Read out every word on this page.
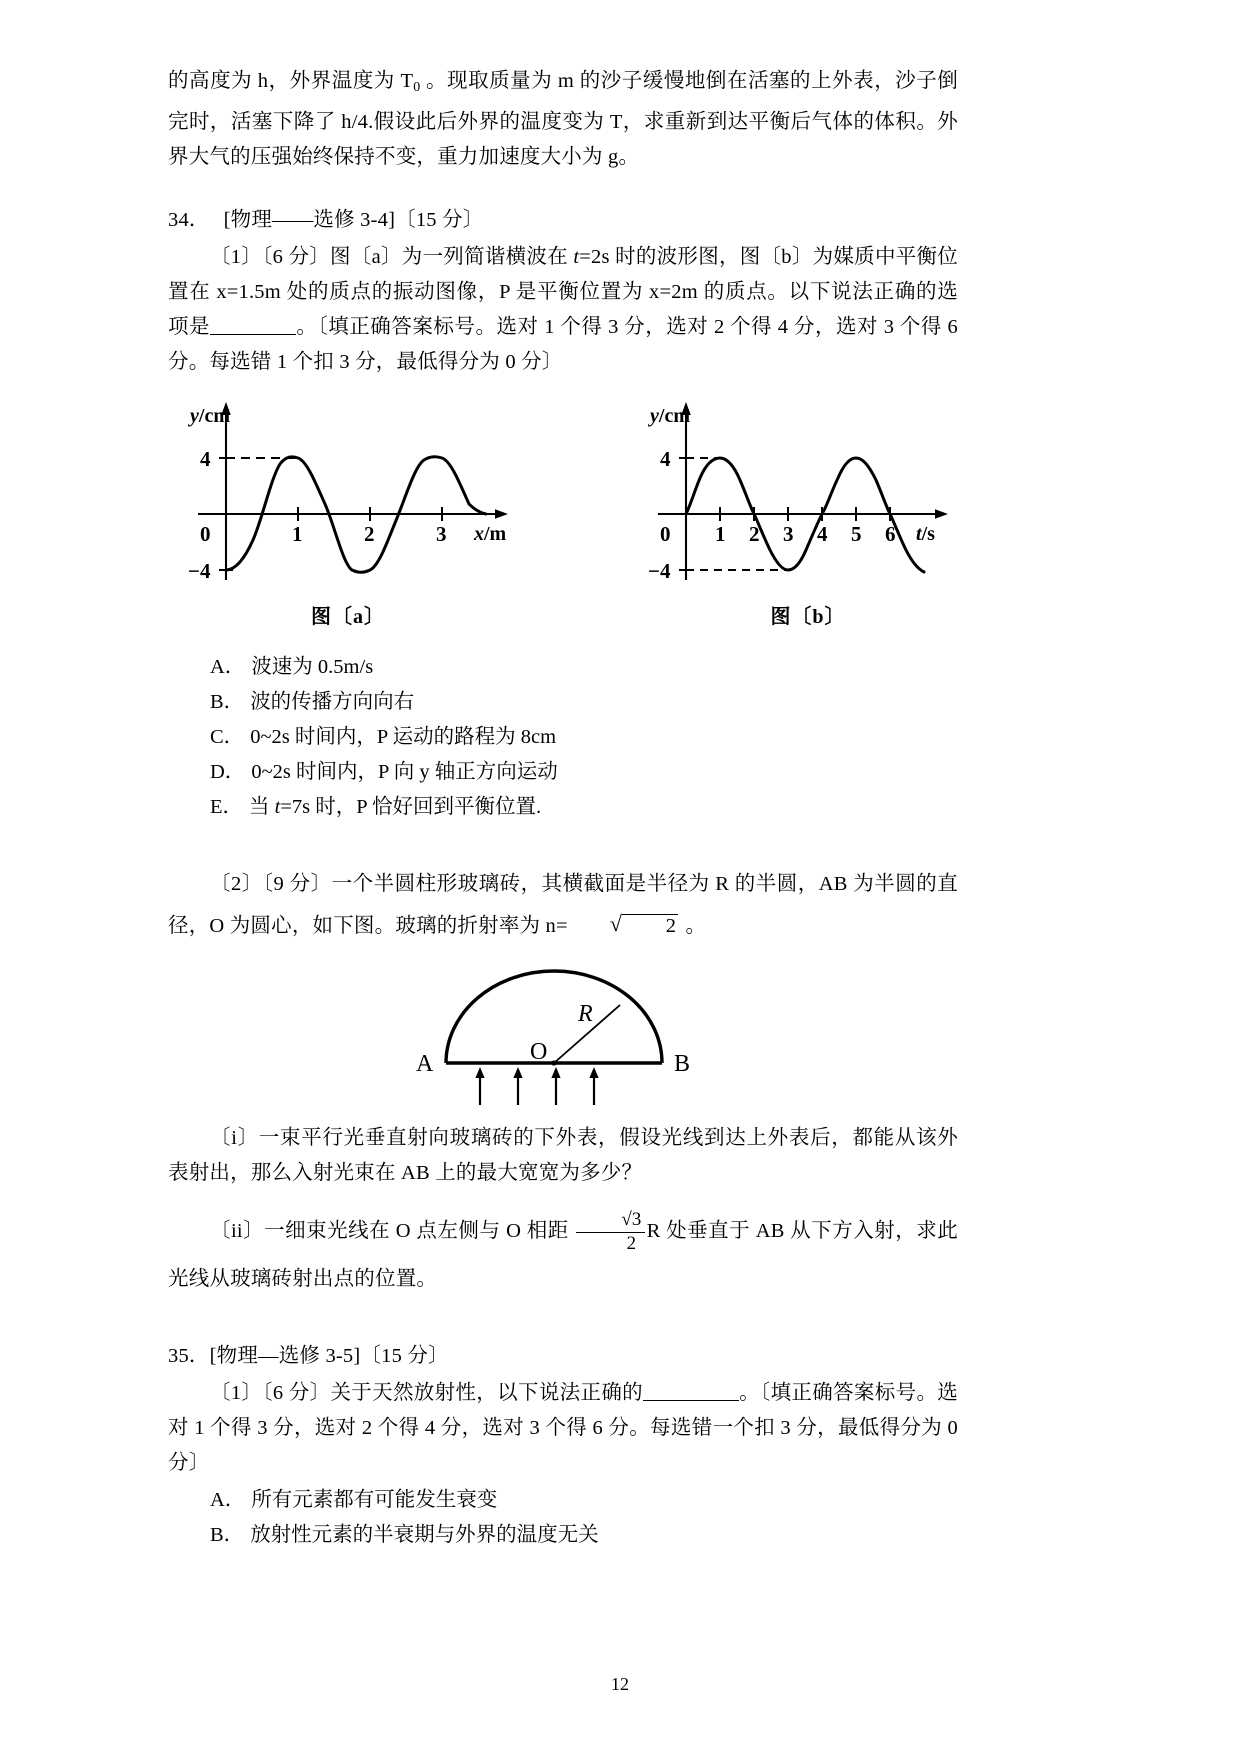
的高度为 h，外界温度为 $T_0$ 。现取质量为 m 的沙子缓慢地倒在活塞的上外表，沙子倒完时，活塞下降了 h/4.假设此后外界的温度变为 T，求重新到达平衡后气体的体积。外界大气的压强始终保持不变，重力加速度大小为 g。

34． [物理——选修 3-4]〔15 分〕

〔1〕〔6 分〕图〔a〕为一列简谐横波在 t=2s 时的波形图，图〔b〕为媒质中平衡位置在 x=1.5m 处的质点的振动图像，P 是平衡位置为 x=2m 的质点。以下说法正确的选项是	。〔填正确答案标号。选对 1 个得 3 分，选对 2 个得 4 分，选对 3 个得 6 分。每选错 1 个扣 3 分，最低得分为 0 分〕

y/cm
x/m
0	1	2	3
4
−4
图〔a〕
y/cm
t/s
0 1 2 3 4 5 6
4
−4
图〔b〕
A． 波速为 0.5m/s
B． 波的传播方向向右
C． 0~2s 时间内，P 运动的路程为 8cm
D． 0~2s 时间内，P 向 y 轴正方向运动
E． 当 t=7s 时，P 恰好回到平衡位置.

〔2〕〔9 分〕一个半圆柱形玻璃砖，其横截面是半径为 R 的半圆，AB 为半圆的直径，O 为圆心，如下图。玻璃的折射率为 n=	√ 2 。

A	B
O
R

〔i〕一束平行光垂直射向玻璃砖的下外表，假设光线到达上外表后，都能从该外表射出，那么入射光束在 AB 上的最大宽宽为多少？

〔ii〕一细束光线在 O 点左侧与 O 相距 $\frac{√3}{2}$ R 处垂直于 AB 从下方入射，求此光线从玻璃砖射出点的位置。

35．[物理—选修 3-5]〔15 分〕

〔1〕〔6 分〕关于天然放射性，以下说法正确的	。〔填正确答案标号。选对 1 个得 3 分，选对 2 个得 4 分，选对 3 个得 6 分。每选错一个扣 3 分，最低得分为 0 分〕

A． 所有元素都有可能发生衰变
B． 放射性元素的半衰期与外界的温度无关
12
